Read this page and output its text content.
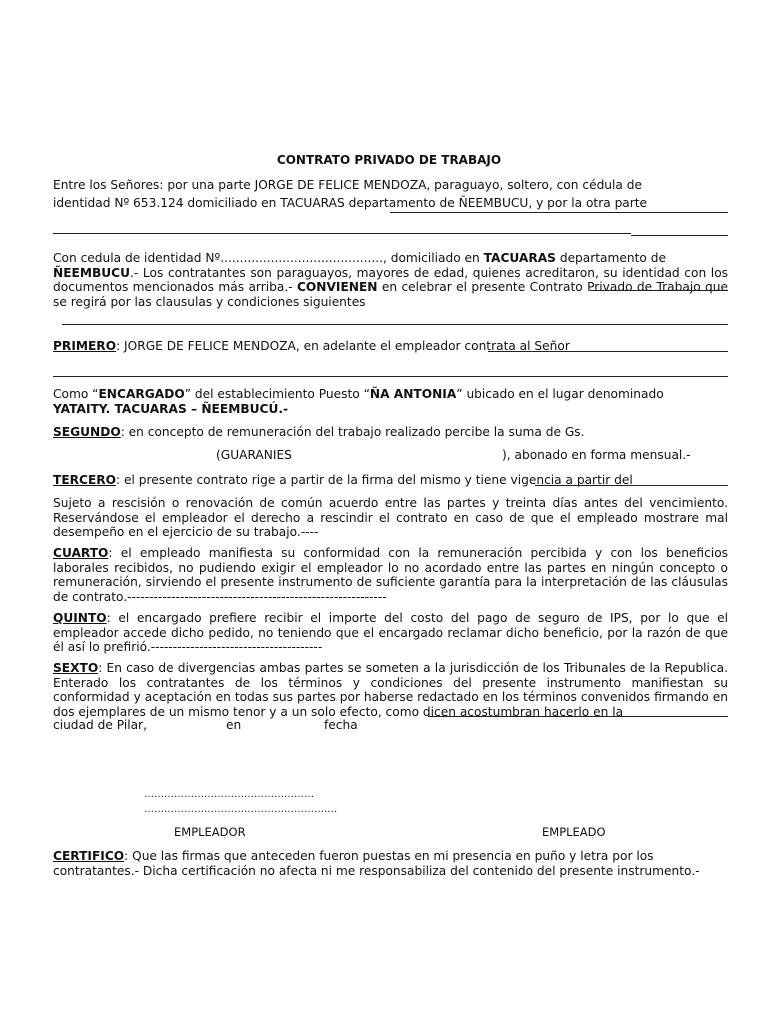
CONTRATO PRIVADO DE TRABAJO
Entre los Señores: por una parte JORGE DE FELICE MENDOZA, paraguayo, soltero, con cédula de
identidad Nº 653.124 domiciliado en TACUARAS departamento de ÑEEMBUCU, y por la otra parte

Con cedula de identidad Nº.........................................., domiciliado en TACUARAS departamento de
ÑEEMBUCU.- Los contratantes son paraguayos, mayores de edad, quienes acreditaron, su identidad con los documentos mencionados más arriba.- CONVIENEN en celebrar el presente Contrato Privado de Trabajo que se regirá por las clausulas y condiciones siguientes

PRIMERO: JORGE DE FELICE MENDOZA, en adelante el empleador contrata al Señor
Como “ENCARGADO” del establecimiento Puesto “ÑA ANTONIA” ubicado en el lugar denominado
YATAITY. TACUARAS – ÑEEMBUCÚ.-
SEGUNDO: en concepto de remuneración del trabajo realizado percibe la suma de Gs.
(GUARANIES	), abonado en forma mensual.-
TERCERO: el presente contrato rige a partir de la firma del mismo y tiene vigencia a partir del

Sujeto a rescisión o renovación de común acuerdo entre las partes y treinta días antes del vencimiento. Reservándose el empleador el derecho a rescindir el contrato en caso de que el empleado mostrare mal desempeño en el ejercicio de su trabajo.----

CUARTO: el empleado manifiesta su conformidad con la remuneración percibida y con los beneficios laborales recibidos, no pudiendo exigir el empleador lo no acordado entre las partes en ningún concepto o remuneración, sirviendo el presente instrumento de suficiente garantía para la interpretación de las cláusulas de contrato.-----------------------------------------------------------

QUINTO: el encargado prefiere recibir el importe del costo del pago de seguro de IPS, por lo que el empleador accede dicho pedido, no teniendo que el encargado reclamar dicho beneficio, por la razón de que él así lo prefirió.---------------------------------------

SEXTO: En caso de divergencias ambas partes se someten a la jurisdicción de los Tribunales de la Republica. Enterado los contratantes de los términos y condiciones del presente instrumento manifiestan su conformidad y aceptación en todas sus partes por haberse redactado en los términos convenidos firmando en dos ejemplares de un mismo tenor y a un solo efecto, como dicen acostumbran hacerlo en la

ciudad de Pilar,	en	fecha
……………………………………………
………………………………………………….
EMPLEADOR	EMPLEADO

CERTIFICO: Que las firmas que anteceden fueron puestas en mi presencia en puño y letra por los contratantes.- Dicha certificación no afecta ni me responsabiliza del contenido del presente instrumento.-
